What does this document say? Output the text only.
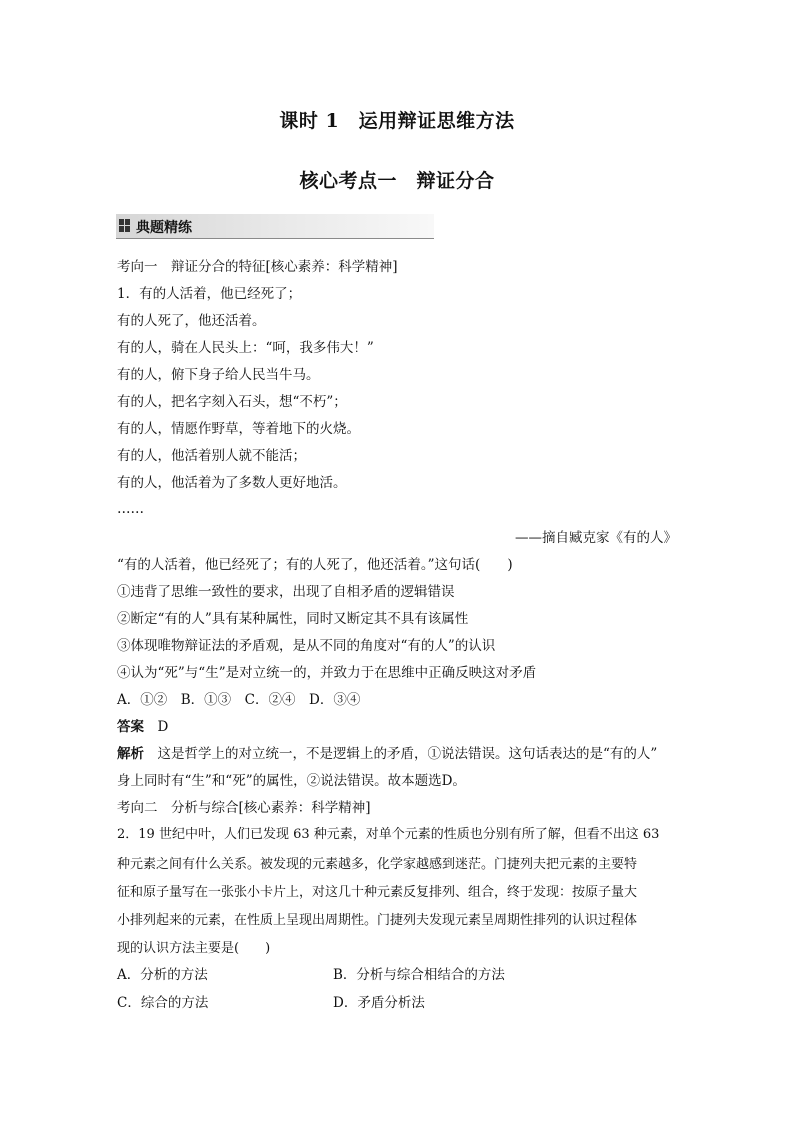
课时 1　运用辩证思维方法
核心考点一　辩证分合
典题精练
考向一　辩证分合的特征[核心素养：科学精神]
1．有的人活着，他已经死了；
有的人死了，他还活着。
有的人，骑在人民头上：“呵，我多伟大！”
有的人，俯下身子给人民当牛马。
有的人，把名字刻入石头，想“不朽”；
有的人，情愿作野草，等着地下的火烧。
有的人，他活着别人就不能活；
有的人，他活着为了多数人更好地活。
……
——摘自臧克家《有的人》
“有的人活着，他已经死了；有的人死了，他还活着。”这句话(　　)
①违背了思维一致性的要求，出现了自相矛盾的逻辑错误
②断定“有的人”具有某种属性，同时又断定其不具有该属性
③体现唯物辩证法的矛盾观，是从不同的角度对“有的人”的认识
④认为“死”与“生”是对立统一的，并致力于在思维中正确反映这对矛盾
A．①②　B．①③　C．②④　D．③④
答案　 D
解析　 这是哲学上的对立统一，不是逻辑上的矛盾，①说法错误。这句话表达的是“有的人”
身上同时有“生”和“死”的属性，②说法错误。故本题选D。
考向二　分析与综合[核心素养：科学精神]
2．19 世纪中叶，人们已发现 63 种元素，对单个元素的性质也分别有所了解，但看不出这 63
种元素之间有什么关系。被发现的元素越多，化学家越感到迷茫。门捷列夫把元素的主要特
征和原子量写在一张张小卡片上，对这几十种元素反复排列、组合，终于发现：按原子量大
小排列起来的元素，在性质上呈现出周期性。门捷列夫发现元素呈周期性排列的认识过程体
现的认识方法主要是(　　)
A．分析的方法	B．分析与综合相结合的方法
C．综合的方法	D．矛盾分析法
